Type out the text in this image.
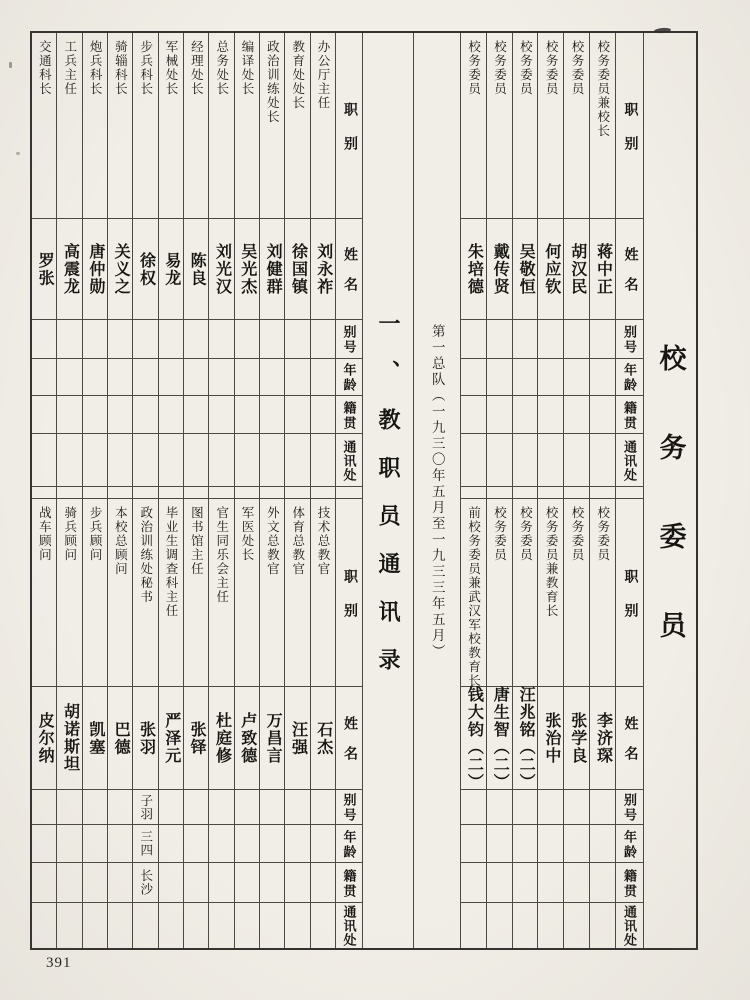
交通科长
罗张
战车顾问
皮尔纳
工兵主任
高震龙
骑兵顾问
胡诺斯坦
炮兵科长
唐仲勋
步兵顾问
凯塞
骑辎科长
关义之
本校总顾问
巴德
步兵科长
徐权
政治训练处秘书
张羽
子羽
三四
长沙
军械处长
易龙
毕业生调查科主任
严泽元
经理处长
陈良
图书馆主任
张铎
总务处长
刘光汉
官生同乐会主任
杜庭修
编译处长
吴光杰
军医处长
卢致德
政治训练处长
刘健群
外文总教官
万昌言
教育处处长
徐国镇
体育总教官
汪强
办公厅主任
刘永祚
技术总教官
石杰
职别
姓名
别号
年龄
籍贯
通讯处
职别
姓名
别号
年龄
籍贯
通讯处
一、教职员通讯录 第一总队（一九三〇年五月至一九三三年五月）
校务委员
朱培德
前校务委员兼武汉军校教育长
钱大钧（二）
校务委员
戴传贤
校务委员
唐生智（二）
校务委员
吴敬恒
校务委员
汪兆铭（二）
校务委员
何应钦
校务委员兼教育长
张治中
校务委员
胡汉民
校务委员
张学良
校务委员兼校长
蒋中正
校务委员
李济琛
职别
姓名
别号
年龄
籍贯
通讯处
职别
姓名
别号
年龄
籍贯
通讯处
校务委员
391
